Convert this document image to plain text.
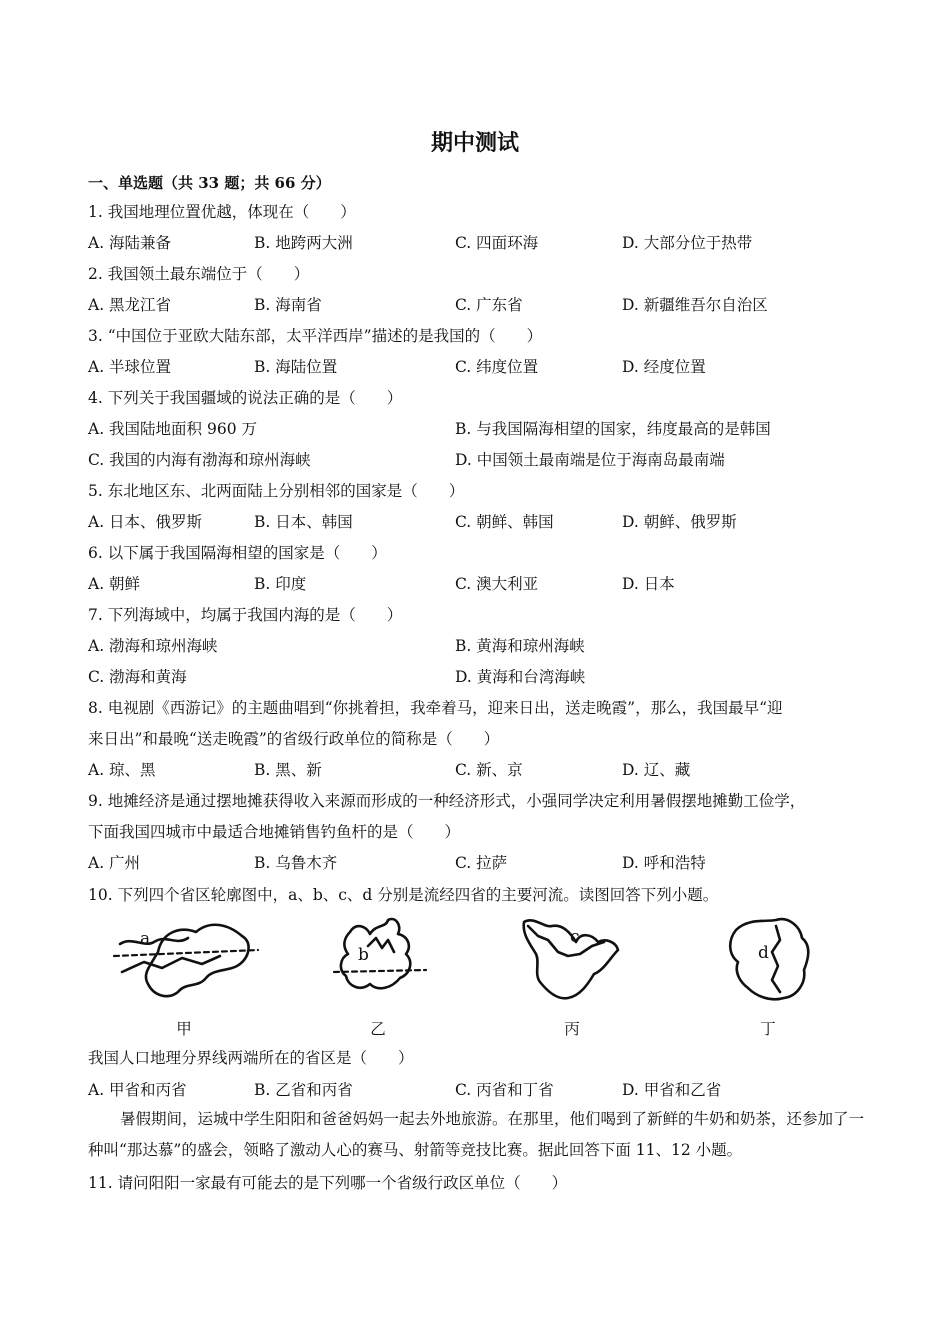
期中测试
一、单选题（共 33 题；共 66 分）
1. 我国地理位置优越，体现在（　　）
A. 海陆兼备	B. 地跨两大洲	C. 四面环海	D. 大部分位于热带
2. 我国领土最东端位于（　　）
A. 黑龙江省	B. 海南省	C. 广东省	D. 新疆维吾尔自治区
3. “中国位于亚欧大陆东部，太平洋西岸”描述的是我国的（　　）
A. 半球位置	B. 海陆位置	C. 纬度位置	D. 经度位置
4. 下列关于我国疆域的说法正确的是（　　）
A. 我国陆地面积 960 万	B. 与我国隔海相望的国家，纬度最高的是韩国
C. 我国的内海有渤海和琼州海峡	D. 中国领土最南端是位于海南岛最南端
5. 东北地区东、北两面陆上分别相邻的国家是（　　）
A. 日本、俄罗斯	B. 日本、韩国	C. 朝鲜、韩国	D. 朝鲜、俄罗斯
6. 以下属于我国隔海相望的国家是（　　）
A. 朝鲜	B. 印度	C. 澳大利亚	D. 日本
7. 下列海域中，均属于我国内海的是（　　）
A. 渤海和琼州海峡	B. 黄海和琼州海峡
C. 渤海和黄海	D. 黄海和台湾海峡
8. 电视剧《西游记》的主题曲唱到“你挑着担，我牵着马，迎来日出，送走晚霞”，那么，我国最早“迎
来日出”和最晚“送走晚霞”的省级行政单位的简称是（　　）
A. 琼、黑	B. 黑、新	C. 新、京	D. 辽、藏
9. 地摊经济是通过摆地摊获得收入来源而形成的一种经济形式，小强同学决定利用暑假摆地摊勤工俭学，
下面我国四城市中最适合地摊销售钓鱼杆的是（　　）
A. 广州	B. 乌鲁木齐	C. 拉萨	D. 呼和浩特
10. 下列四个省区轮廓图中，a、b、c、d 分别是流经四省的主要河流。读图回答下列小题。
a
甲
b
乙
c
丙
d
丁
我国人口地理分界线两端所在的省区是（　　）
A. 甲省和丙省	B. 乙省和丙省	C. 丙省和丁省	D. 甲省和乙省
暑假期间，运城中学生阳阳和爸爸妈妈一起去外地旅游。在那里，他们喝到了新鲜的牛奶和奶茶，还参加了一种叫“那达慕”的盛会，领略了激动人心的赛马、射箭等竞技比赛。据此回答下面 11、12 小题。
11. 请问阳阳一家最有可能去的是下列哪一个省级行政区单位（　　）
